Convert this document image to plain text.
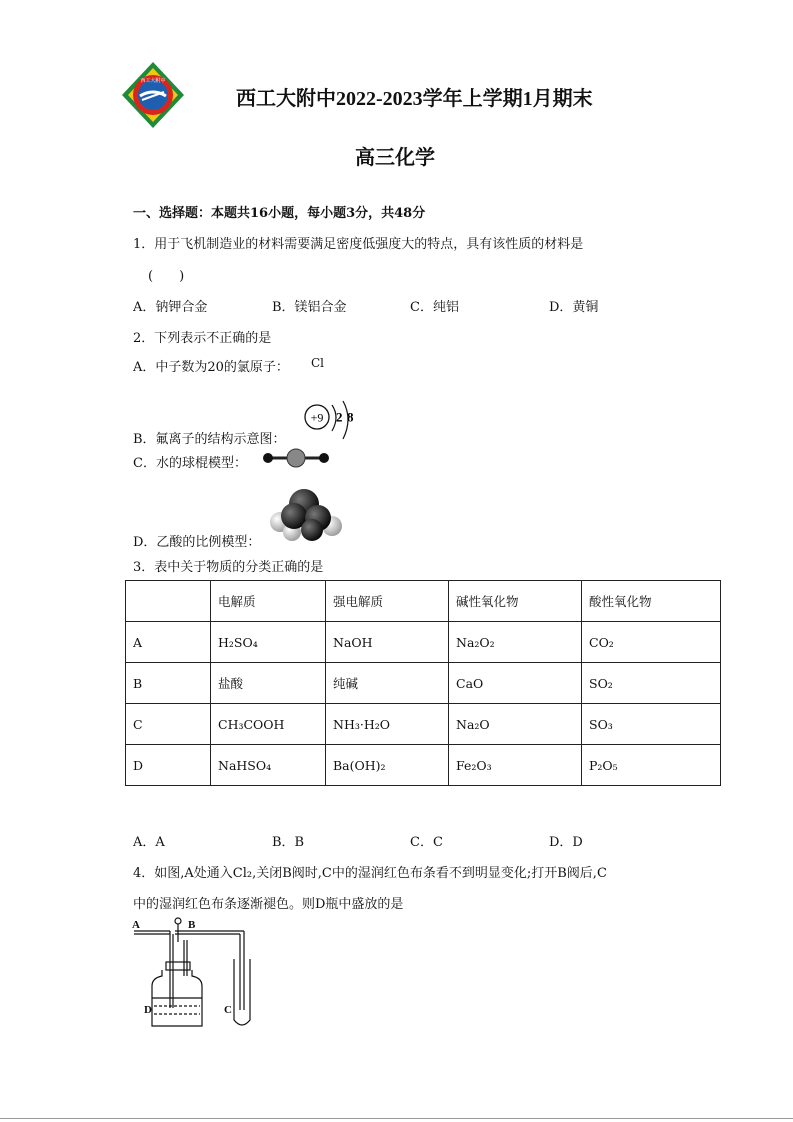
西工大附中
西工大附中2022-2023学年上学期1月期末
高三化学
一、选择题：本题共16小题，每小题3分，共48分
1．用于飞机制造业的材料需要满足密度低强度大的特点，具有该性质的材料是
(　　)
A．钠钾合金	B．镁铝合金	C．纯铝	D．黄铜
2．下列表示不正确的是
A．中子数为20的氯原子： Cl
+9 2 8
B．氟离子的结构示意图：
C．水的球棍模型：
D．乙酸的比例模型：
3．表中关于物质的分类正确的是
	电解质	强电解质	碱性氧化物	酸性氧化物
A	H₂SO₄	NaOH	Na₂O₂	CO₂
B	盐酸	纯碱	CaO	SO₂
C	CH₃COOH	NH₃·H₂O	Na₂O	SO₃
D	NaHSO₄	Ba(OH)₂	Fe₂O₃	P₂O₅
A．A	B．B	C．C	D．D
4．如图,A处通入Cl₂,关闭B阀时,C中的湿润红色布条看不到明显变化;打开B阀后,C
中的湿润红色布条逐渐褪色。则D瓶中盛放的是
A	B
D	C
